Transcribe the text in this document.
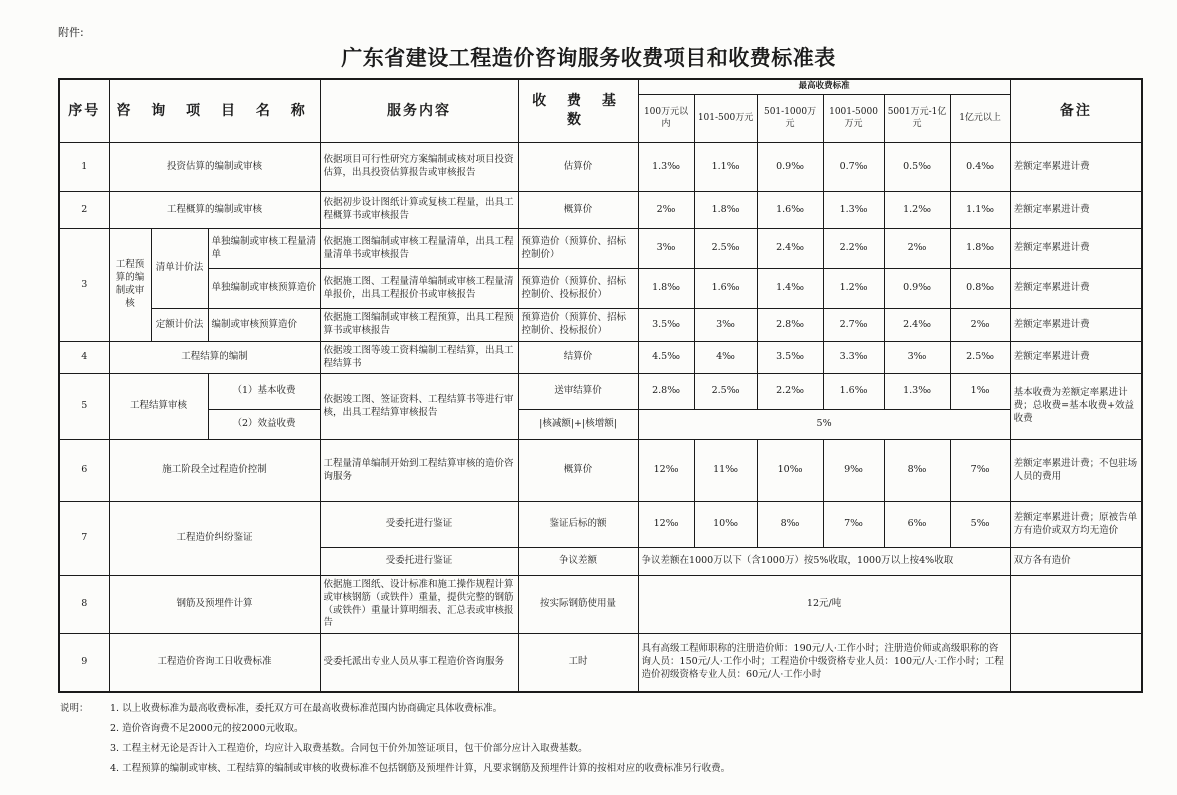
附件:
广东省建设工程造价咨询服务收费项目和收费标准表
序号	咨 询 项 目 名 称			服务内容	收 费 基 数	最高收费标准						备注
						100万元以内	101-500万元	501-1000万元	1001-5000万元	5001万元-1亿元	1亿元以上	
1	投资估算的编制或审核			依据项目可行性研究方案编制或核对项目投资估算，出具投资估算报告或审核报告	估算价	1.3‰	1.1‰	0.9‰	0.7‰	0.5‰	0.4‰	差额定率累进计费
2	工程概算的编制或审核			依据初步设计图纸计算或复核工程量，出具工程概算书或审核报告	概算价	2‰	1.8‰	1.6‰	1.3‰	1.2‰	1.1‰	差额定率累进计费
3	工程预算的编制或审核	清单计价法	单独编制或审核工程量清单	依据施工图编制或审核工程量清单，出具工程量清单书或审核报告	预算造价（预算价、招标控制价）	3‰	2.5‰	2.4‰	2.2‰	2‰	1.8‰	差额定率累进计费
			单独编制或审核预算造价	依据施工图、工程量清单编制或审核工程量清单报价，出具工程报价书或审核报告	预算造价（预算价、招标控制价、投标报价）	1.8‰	1.6‰	1.4‰	1.2‰	0.9‰	0.8‰	差额定率累进计费
		定额计价法	编制或审核预算造价	依据施工图编制或审核工程预算，出具工程预算书或审核报告	预算造价（预算价、招标控制价、投标报价）	3.5‰	3‰	2.8‰	2.7‰	2.4‰	2‰	差额定率累进计费
4	工程结算的编制			依据竣工图等竣工资料编制工程结算，出具工程结算书	结算价	4.5‰	4‰	3.5‰	3.3‰	3‰	2.5‰	差额定率累进计费
5	工程结算审核		（1）基本收费	依据竣工图、签证资料、工程结算书等进行审核，出具工程结算审核报告	送审结算价	2.8‰	2.5‰	2.2‰	1.6‰	1.3‰	1‰	基本收费为差额定率累进计费；总收费=基本收费+效益收费
			（2）效益收费		|核减额|+|核增额|	5%						
6	施工阶段全过程造价控制			工程量清单编制开始到工程结算审核的造价咨询服务	概算价	12‰	11‰	10‰	9‰	8‰	7‰	差额定率累进计费；不包驻场人员的费用
7	工程造价纠纷鉴证			受委托进行鉴证	鉴证后标的额	12‰	10‰	8‰	7‰	6‰	5‰	差额定率累进计费；原被告单方有造价或双方均无造价
				受委托进行鉴证	争议差额	争议差额在1000万以下（含1000万）按5%收取，1000万以上按4%收取						双方各有造价
8	钢筋及预埋件计算			依据施工图纸、设计标准和施工操作规程计算或审核钢筋（或铁件）重量，提供完整的钢筋（或铁件）重量计算明细表、汇总表或审核报告	按实际钢筋使用量	12元/吨						
9	工程造价咨询工日收费标准			受委托派出专业人员从事工程造价咨询服务	工时	具有高级工程师职称的注册造价师：190元/人·工作小时；注册造价师或高级职称的咨询人员：150元/人·工作小时；工程造价中级资格专业人员：100元/人·工作小时；工程造价初级资格专业人员：60元/人·工作小时						
说明：	1. 以上收费标准为最高收费标准，委托双方可在最高收费标准范围内协商确定具体收费标准。
2. 造价咨询费不足2000元的按2000元收取。
3. 工程主材无论是否计入工程造价，均应计入取费基数。合同包干价外加签证项目，包干价部分应计入取费基数。
4. 工程预算的编制或审核、工程结算的编制或审核的收费标准不包括钢筋及预埋件计算，凡要求钢筋及预埋件计算的按相对应的收费标准另行收费。
